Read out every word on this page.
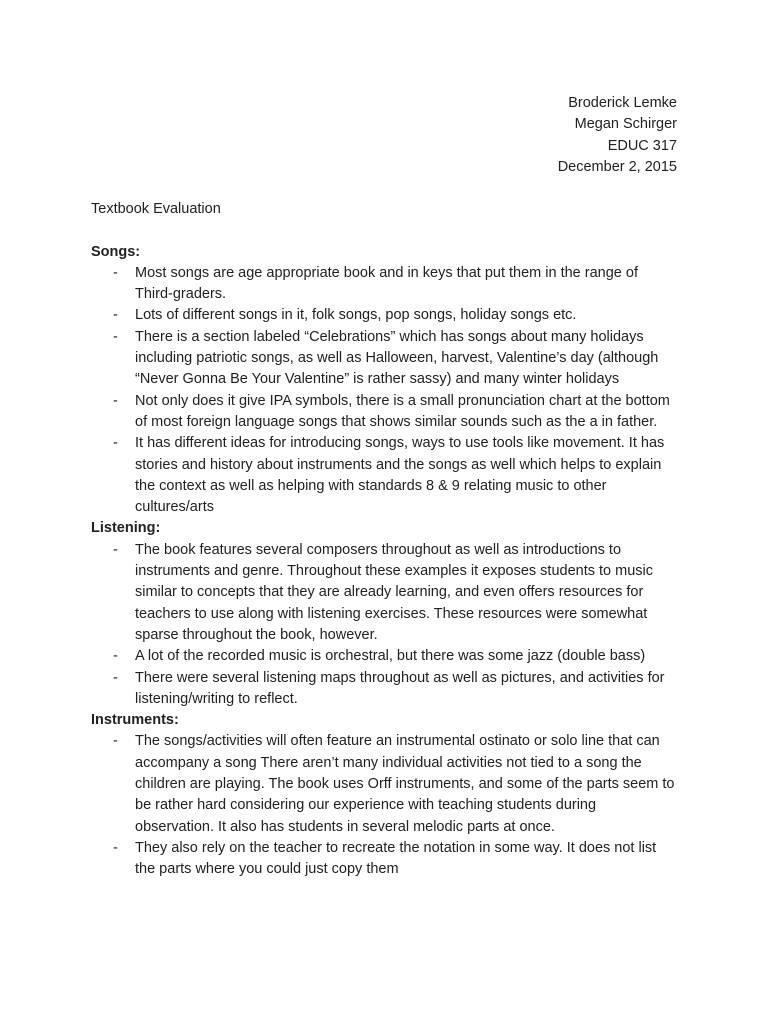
Broderick Lemke
Megan Schirger
EDUC 317
December 2, 2015
Textbook Evaluation
Songs:
- Most songs are age appropriate book and in keys that put them in the range of Third-graders.
- Lots of different songs in it, folk songs, pop songs, holiday songs etc.
- There is a section labeled “Celebrations” which has songs about many holidays including patriotic songs, as well as Halloween, harvest, Valentine’s day (although “Never Gonna Be Your Valentine” is rather sassy) and many winter holidays
- Not only does it give IPA symbols, there is a small pronunciation chart at the bottom of most foreign language songs that shows similar sounds such as the a in father.
- It has different ideas for introducing songs, ways to use tools like movement. It has stories and history about instruments and the songs as well which helps to explain the context as well as helping with standards 8 & 9 relating music to other cultures/arts
Listening:
- The book features several composers throughout as well as introductions to instruments and genre. Throughout these examples it exposes students to music similar to concepts that they are already learning, and even offers resources for teachers to use along with listening exercises. These resources were somewhat sparse throughout the book, however.
- A lot of the recorded music is orchestral, but there was some jazz (double bass)
- There were several listening maps throughout as well as pictures, and activities for listening/writing to reflect.
Instruments:
- The songs/activities will often feature an instrumental ostinato or solo line that can accompany a song There aren’t many individual activities not tied to a song the children are playing. The book uses Orff instruments, and some of the parts seem to be rather hard considering our experience with teaching students during observation. It also has students in several melodic parts at once.
- They also rely on the teacher to recreate the notation in some way. It does not list the parts where you could just copy them
